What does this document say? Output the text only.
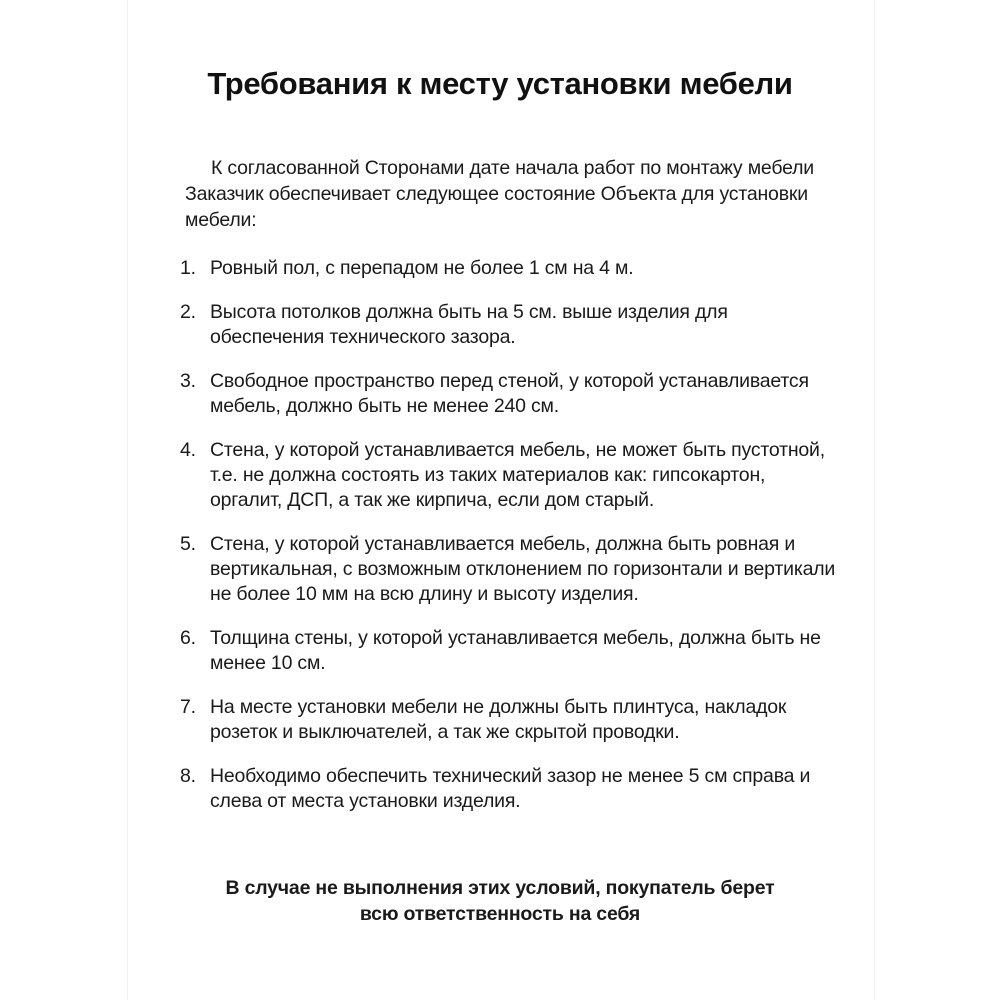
Требования к месту установки мебели

К согласованной Сторонами дате начала работ по монтажу мебели Заказчик обеспечивает следующее состояние Объекта для установки мебели:

1. Ровный пол, с перепадом не более 1 см на 4 м.
2. Высота потолков должна быть на 5 см. выше изделия для обеспечения технического зазора.
3. Свободное пространство перед стеной, у которой устанавливается мебель, должно быть не менее 240 см.
4. Стена, у которой устанавливается мебель, не может быть пустотной, т.е. не должна состоять из таких материалов как: гипсокартон, оргалит, ДСП, а так же кирпича, если дом старый.
5. Стена, у которой устанавливается мебель, должна быть ровная и вертикальная, с возможным отклонением по горизонтали и вертикали не более 10 мм на всю длину и высоту изделия.
6. Толщина стены, у которой устанавливается мебель, должна быть не менее 10 см.
7. На месте установки мебели не должны быть плинтуса, накладок розеток и выключателей, а так же скрытой проводки.
8. Необходимо обеспечить технический зазор не менее 5 см справа и слева от места установки изделия.

В случае не выполнения этих условий, покупатель берет
всю ответственность на себя
